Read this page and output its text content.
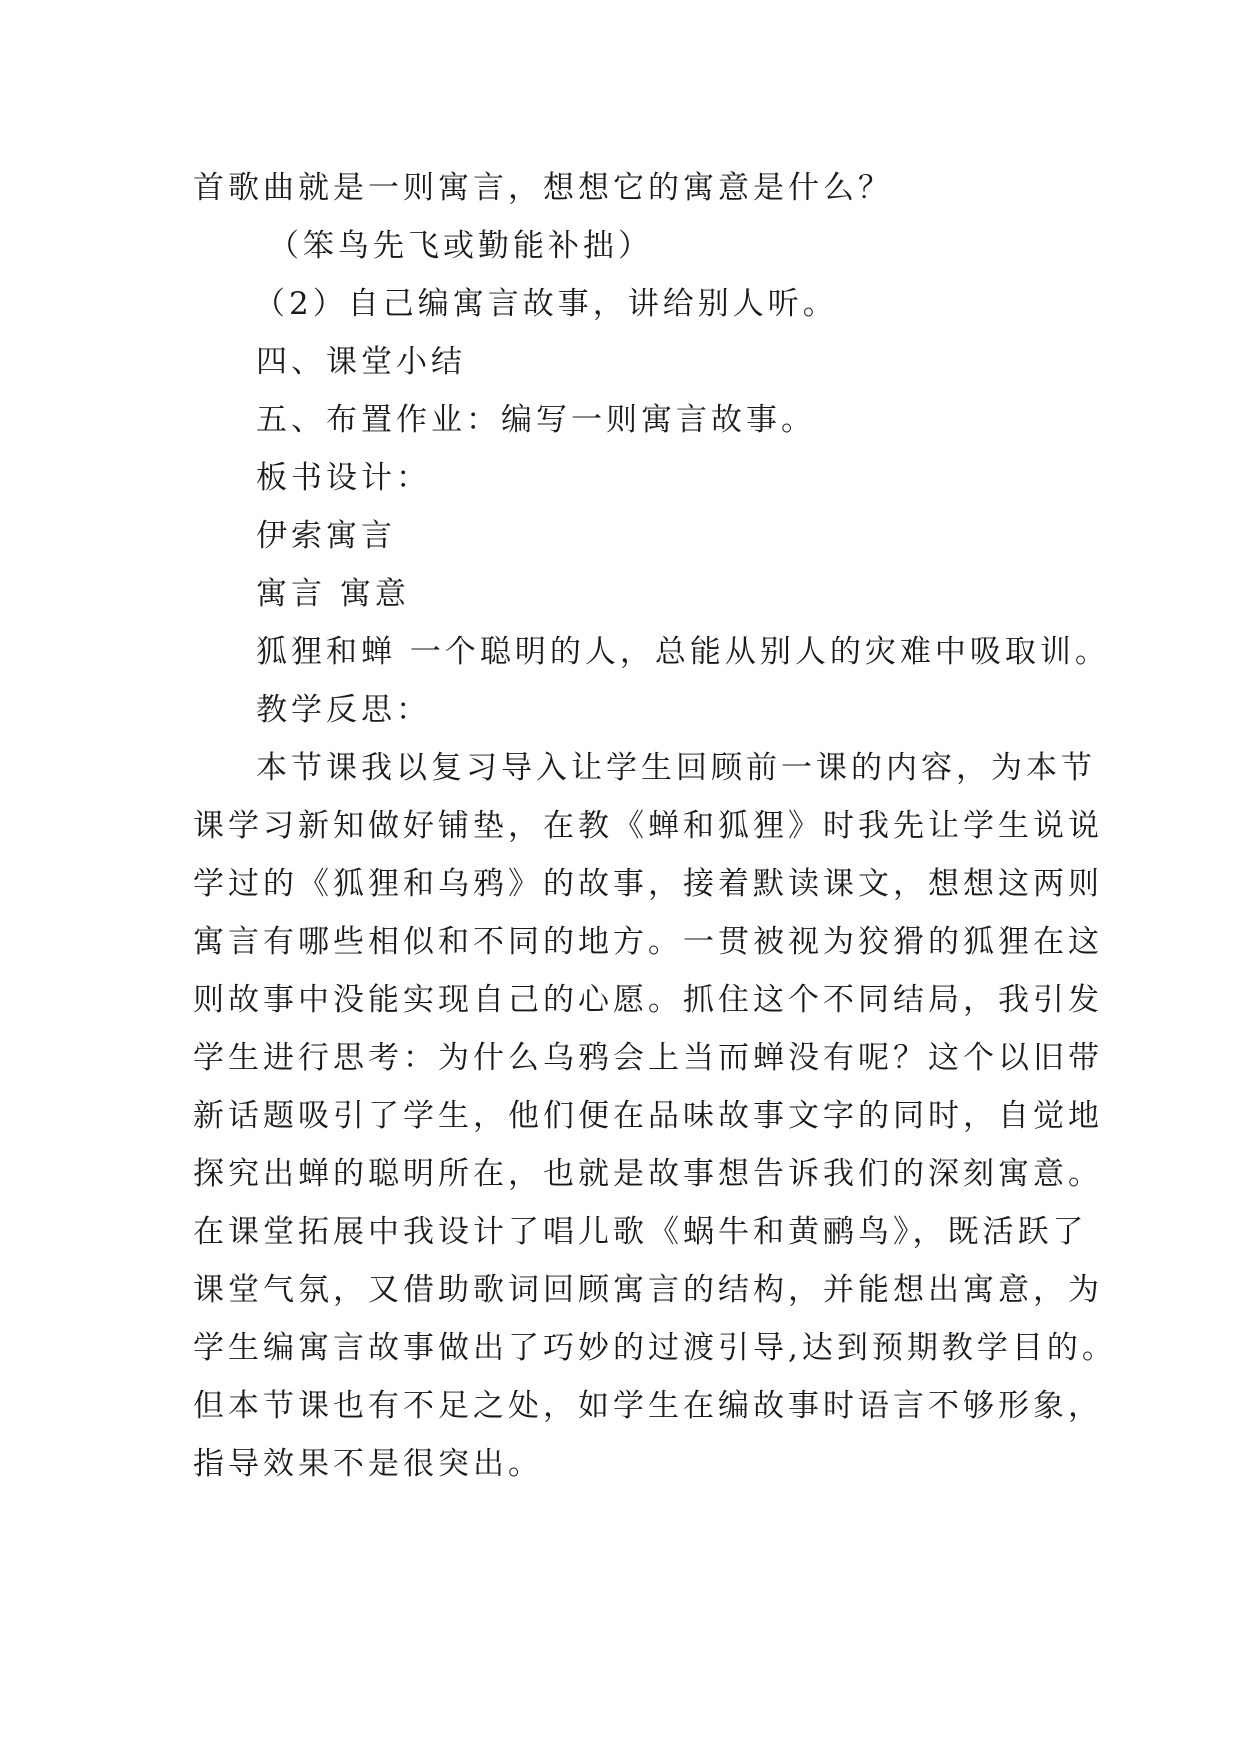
首歌曲就是一则寓言，想想它的寓意是什么？
（笨鸟先飞或勤能补拙）
（2）自己编寓言故事，讲给别人听。
四、课堂小结
五、布置作业：编写一则寓言故事。
板书设计：
伊索寓言
寓言 寓意
狐狸和蝉 一个聪明的人，总能从别人的灾难中吸取训。
教学反思：
本节课我以复习导入让学生回顾前一课的内容，为本节
课学习新知做好铺垫，在教《蝉和狐狸》时我先让学生说说
学过的《狐狸和乌鸦》的故事，接着默读课文，想想这两则
寓言有哪些相似和不同的地方。一贯被视为狡猾的狐狸在这
则故事中没能实现自己的心愿。抓住这个不同结局，我引发
学生进行思考：为什么乌鸦会上当而蝉没有呢？这个以旧带
新话题吸引了学生，他们便在品味故事文字的同时，自觉地
探究出蝉的聪明所在，也就是故事想告诉我们的深刻寓意。
在课堂拓展中我设计了唱儿歌《蜗牛和黄鹂鸟》，既活跃了
课堂气氛，又借助歌词回顾寓言的结构，并能想出寓意，为
学生编寓言故事做出了巧妙的过渡引导,达到预期教学目的。
但本节课也有不足之处，如学生在编故事时语言不够形象，
指导效果不是很突出。
